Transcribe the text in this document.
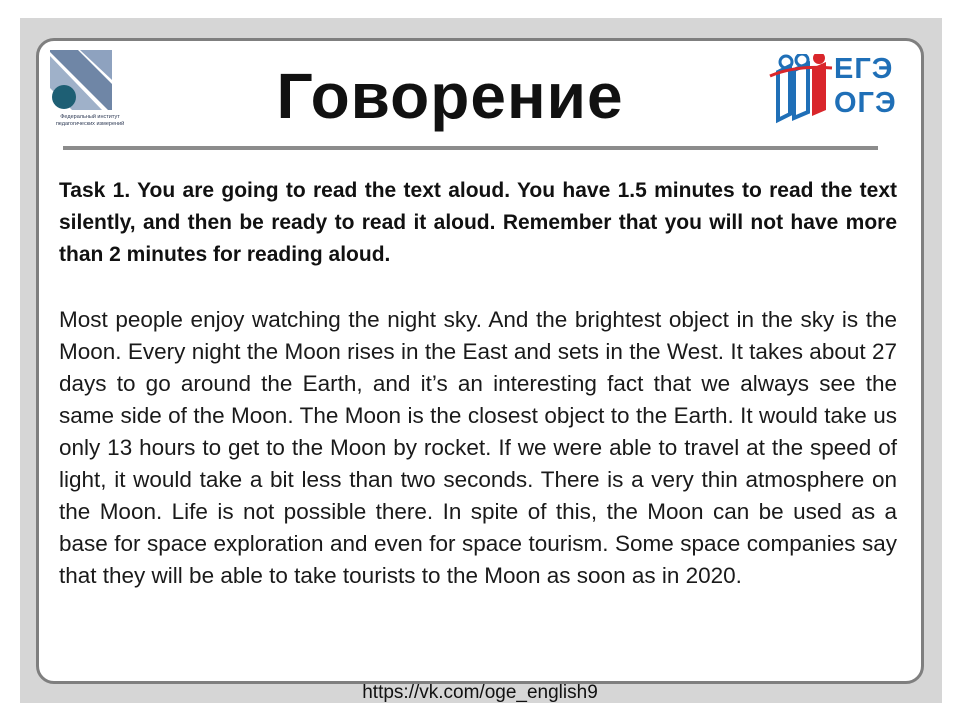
Федеральный институт
педагогических измерений	Говорение	ЕГЭ
ОГЭ

Task 1. You are going to read the text aloud. You have 1.5 minutes to read the text silently, and then be ready to read it aloud. Remember that you will not have more than 2 minutes for reading aloud.

Most people enjoy watching the night sky. And the brightest object in the sky is the Moon. Every night the Moon rises in the East and sets in the West. It takes about 27 days to go around the Earth, and it’s an interesting fact that we always see the same side of the Moon. The Moon is the closest object to the Earth. It would take us only 13 hours to get to the Moon by rocket. If we were able to travel at the speed of light, it would take a bit less than two seconds. There is a very thin atmosphere on the Moon. Life is not possible there. In spite of this, the Moon can be used as a base for space exploration and even for space tourism. Some space companies say that they will be able to take tourists to the Moon as soon as in 2020.

https://vk.com/oge_english9
